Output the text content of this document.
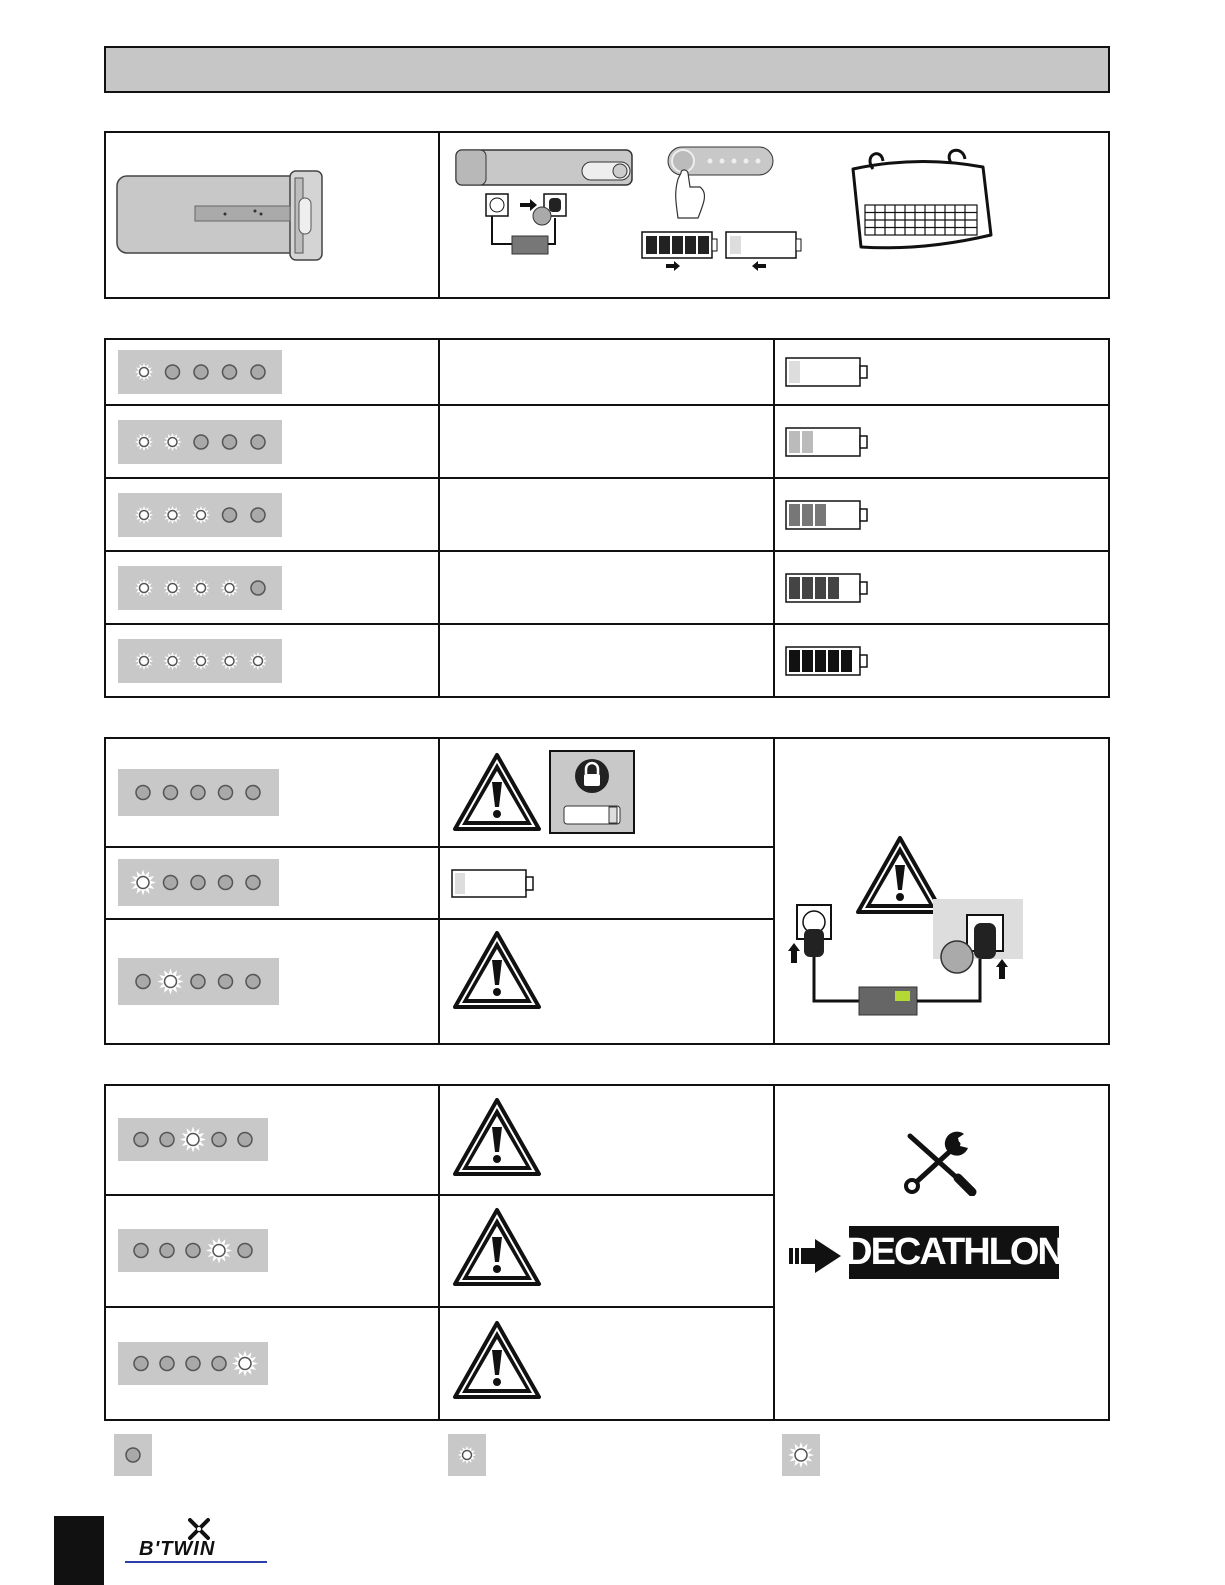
DECATHLON
B'TWIN
